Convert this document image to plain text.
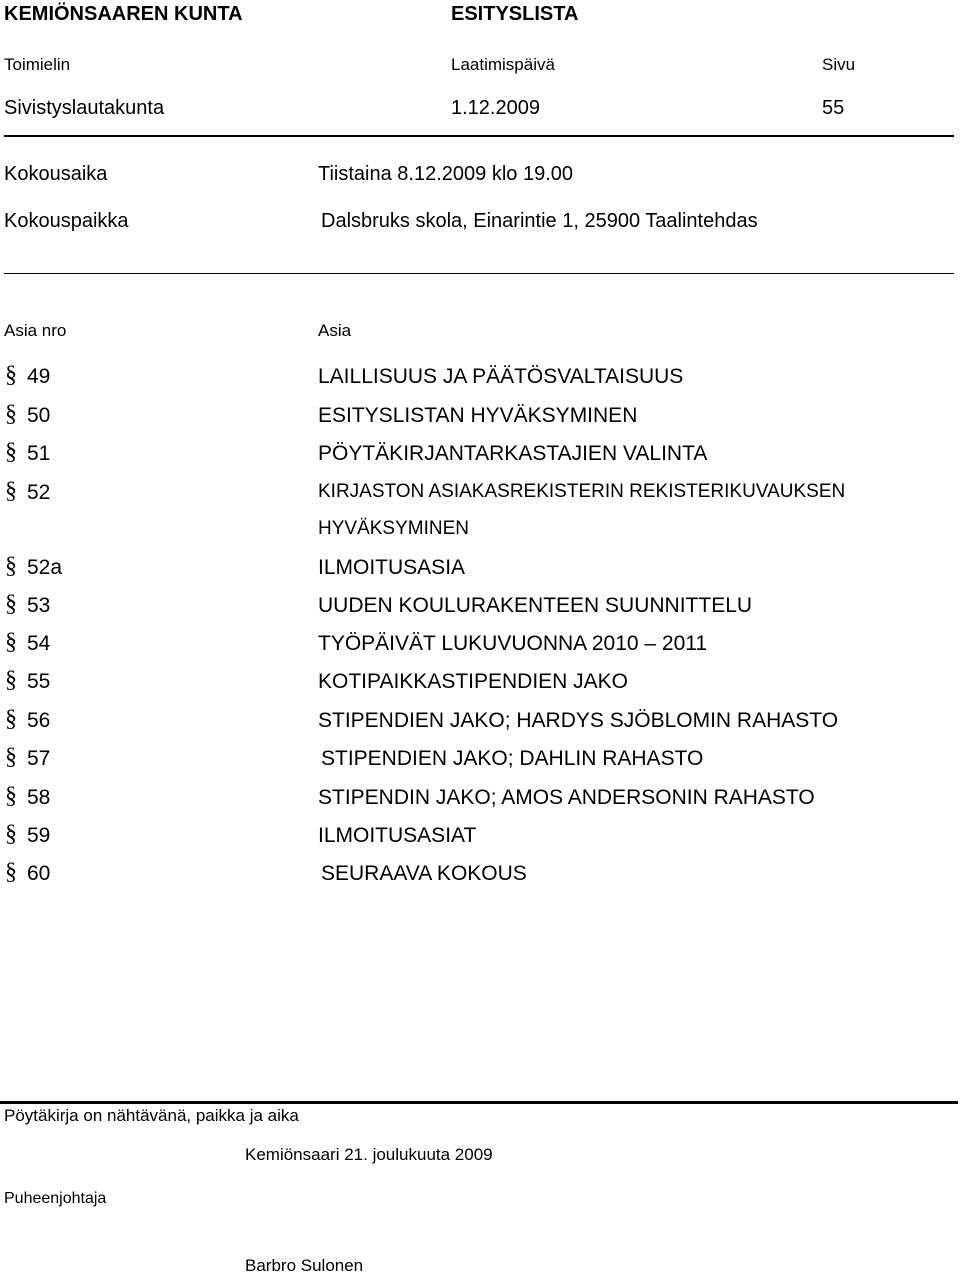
KEMIÖNSAAREN KUNTA	ESITYSLISTA
Toimielin	Laatimispäivä	Sivu
Sivistyslautakunta	1.12.2009	55
Kokousaika	Tiistaina 8.12.2009 klo 19.00
Kokouspaikka	Dalsbruks skola, Einarintie 1, 25900 Taalintehdas
Asia nro	Asia
§ 49	LAILLISUUS JA PÄÄTÖSVALTAISUUS
§ 50	ESITYSLISTAN HYVÄKSYMINEN
§ 51	PÖYTÄKIRJANTARKASTAJIEN VALINTA
§ 52	KIRJASTON ASIAKASREKISTERIN REKISTERIKUVAUKSEN
HYVÄKSYMINEN
§ 52a	ILMOITUSASIA
§ 53	UUDEN KOULURAKENTEEN SUUNNITTELU
§ 54	TYÖPÄIVÄT LUKUVUONNA 2010 – 2011
§ 55	KOTIPAIKKASTIPENDIEN JAKO
§ 56	STIPENDIEN JAKO; HARDYS SJÖBLOMIN RAHASTO
§ 57	STIPENDIEN JAKO; DAHLIN RAHASTO
§ 58	STIPENDIN JAKO; AMOS ANDERSONIN RAHASTO
§ 59	ILMOITUSASIAT
§ 60	SEURAAVA KOKOUS
Pöytäkirja on nähtävänä, paikka ja aika
Kemiönsaari 21. joulukuuta 2009
Puheenjohtaja
Barbro Sulonen
